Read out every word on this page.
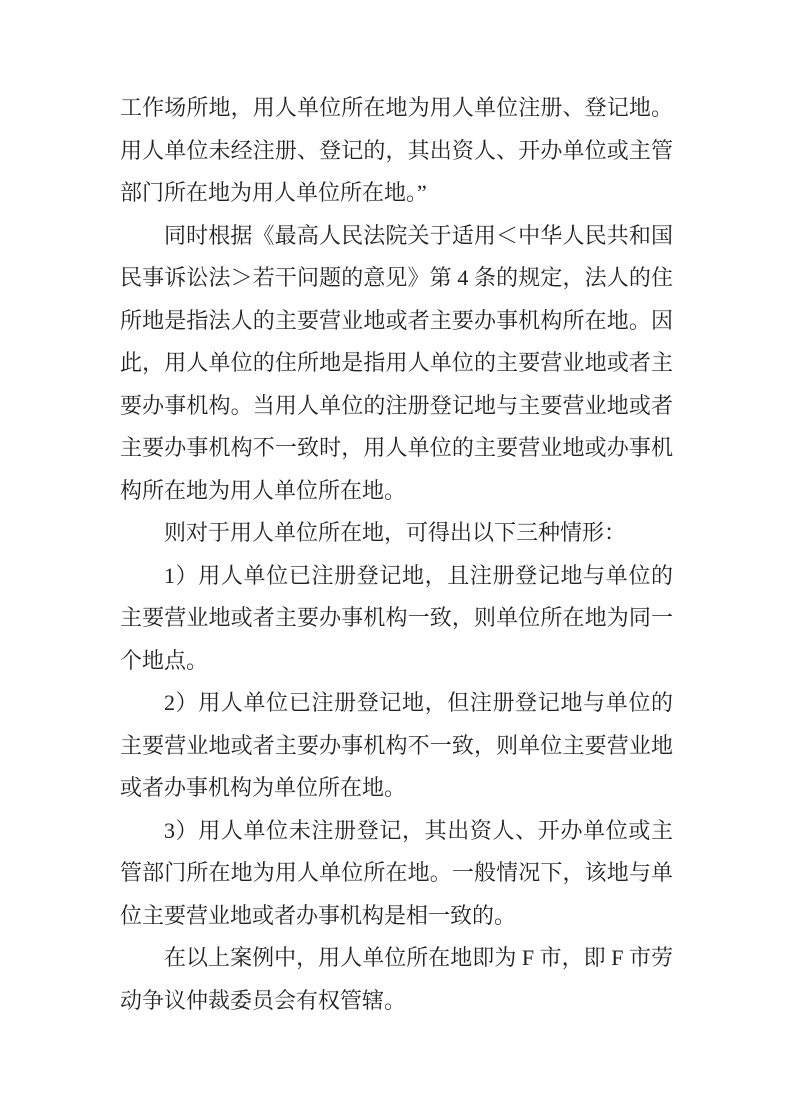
工作场所地，用人单位所在地为用人单位注册、登记地。用人单位未经注册、登记的，其出资人、开办单位或主管部门所在地为用人单位所在地。”

同时根据《最高人民法院关于适用＜中华人民共和国民事诉讼法＞若干问题的意见》第 4 条的规定，法人的住所地是指法人的主要营业地或者主要办事机构所在地。因此，用人单位的住所地是指用人单位的主要营业地或者主要办事机构。当用人单位的注册登记地与主要营业地或者主要办事机构不一致时，用人单位的主要营业地或办事机构所在地为用人单位所在地。

则对于用人单位所在地，可得出以下三种情形：

1）用人单位已注册登记地，且注册登记地与单位的主要营业地或者主要办事机构一致，则单位所在地为同一个地点。

2）用人单位已注册登记地，但注册登记地与单位的主要营业地或者主要办事机构不一致，则单位主要营业地或者办事机构为单位所在地。

3）用人单位未注册登记，其出资人、开办单位或主管部门所在地为用人单位所在地。一般情况下，该地与单位主要营业地或者办事机构是相一致的。

在以上案例中，用人单位所在地即为 F 市，即 F 市劳动争议仲裁委员会有权管辖。
